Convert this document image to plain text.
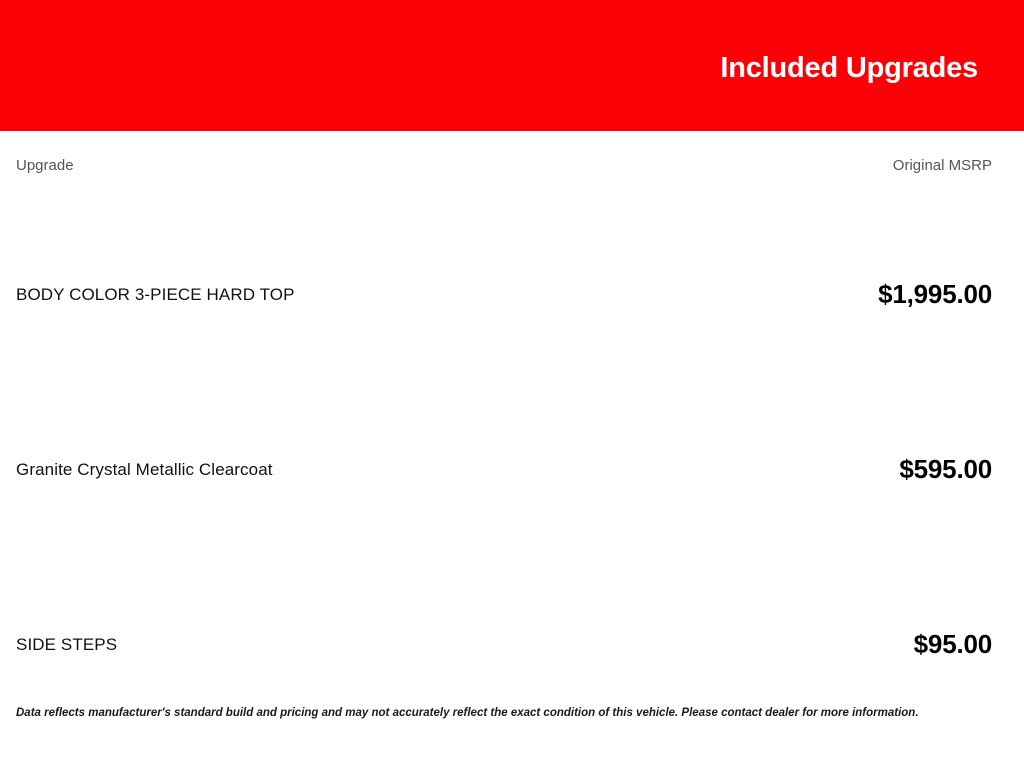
Included Upgrades
Upgrade	Original MSRP
BODY COLOR 3-PIECE HARD TOP	$1,995.00
Granite Crystal Metallic Clearcoat	$595.00
SIDE STEPS	$95.00
Data reflects manufacturer's standard build and pricing and may not accurately reflect the exact condition of this vehicle. Please contact dealer for more information.
